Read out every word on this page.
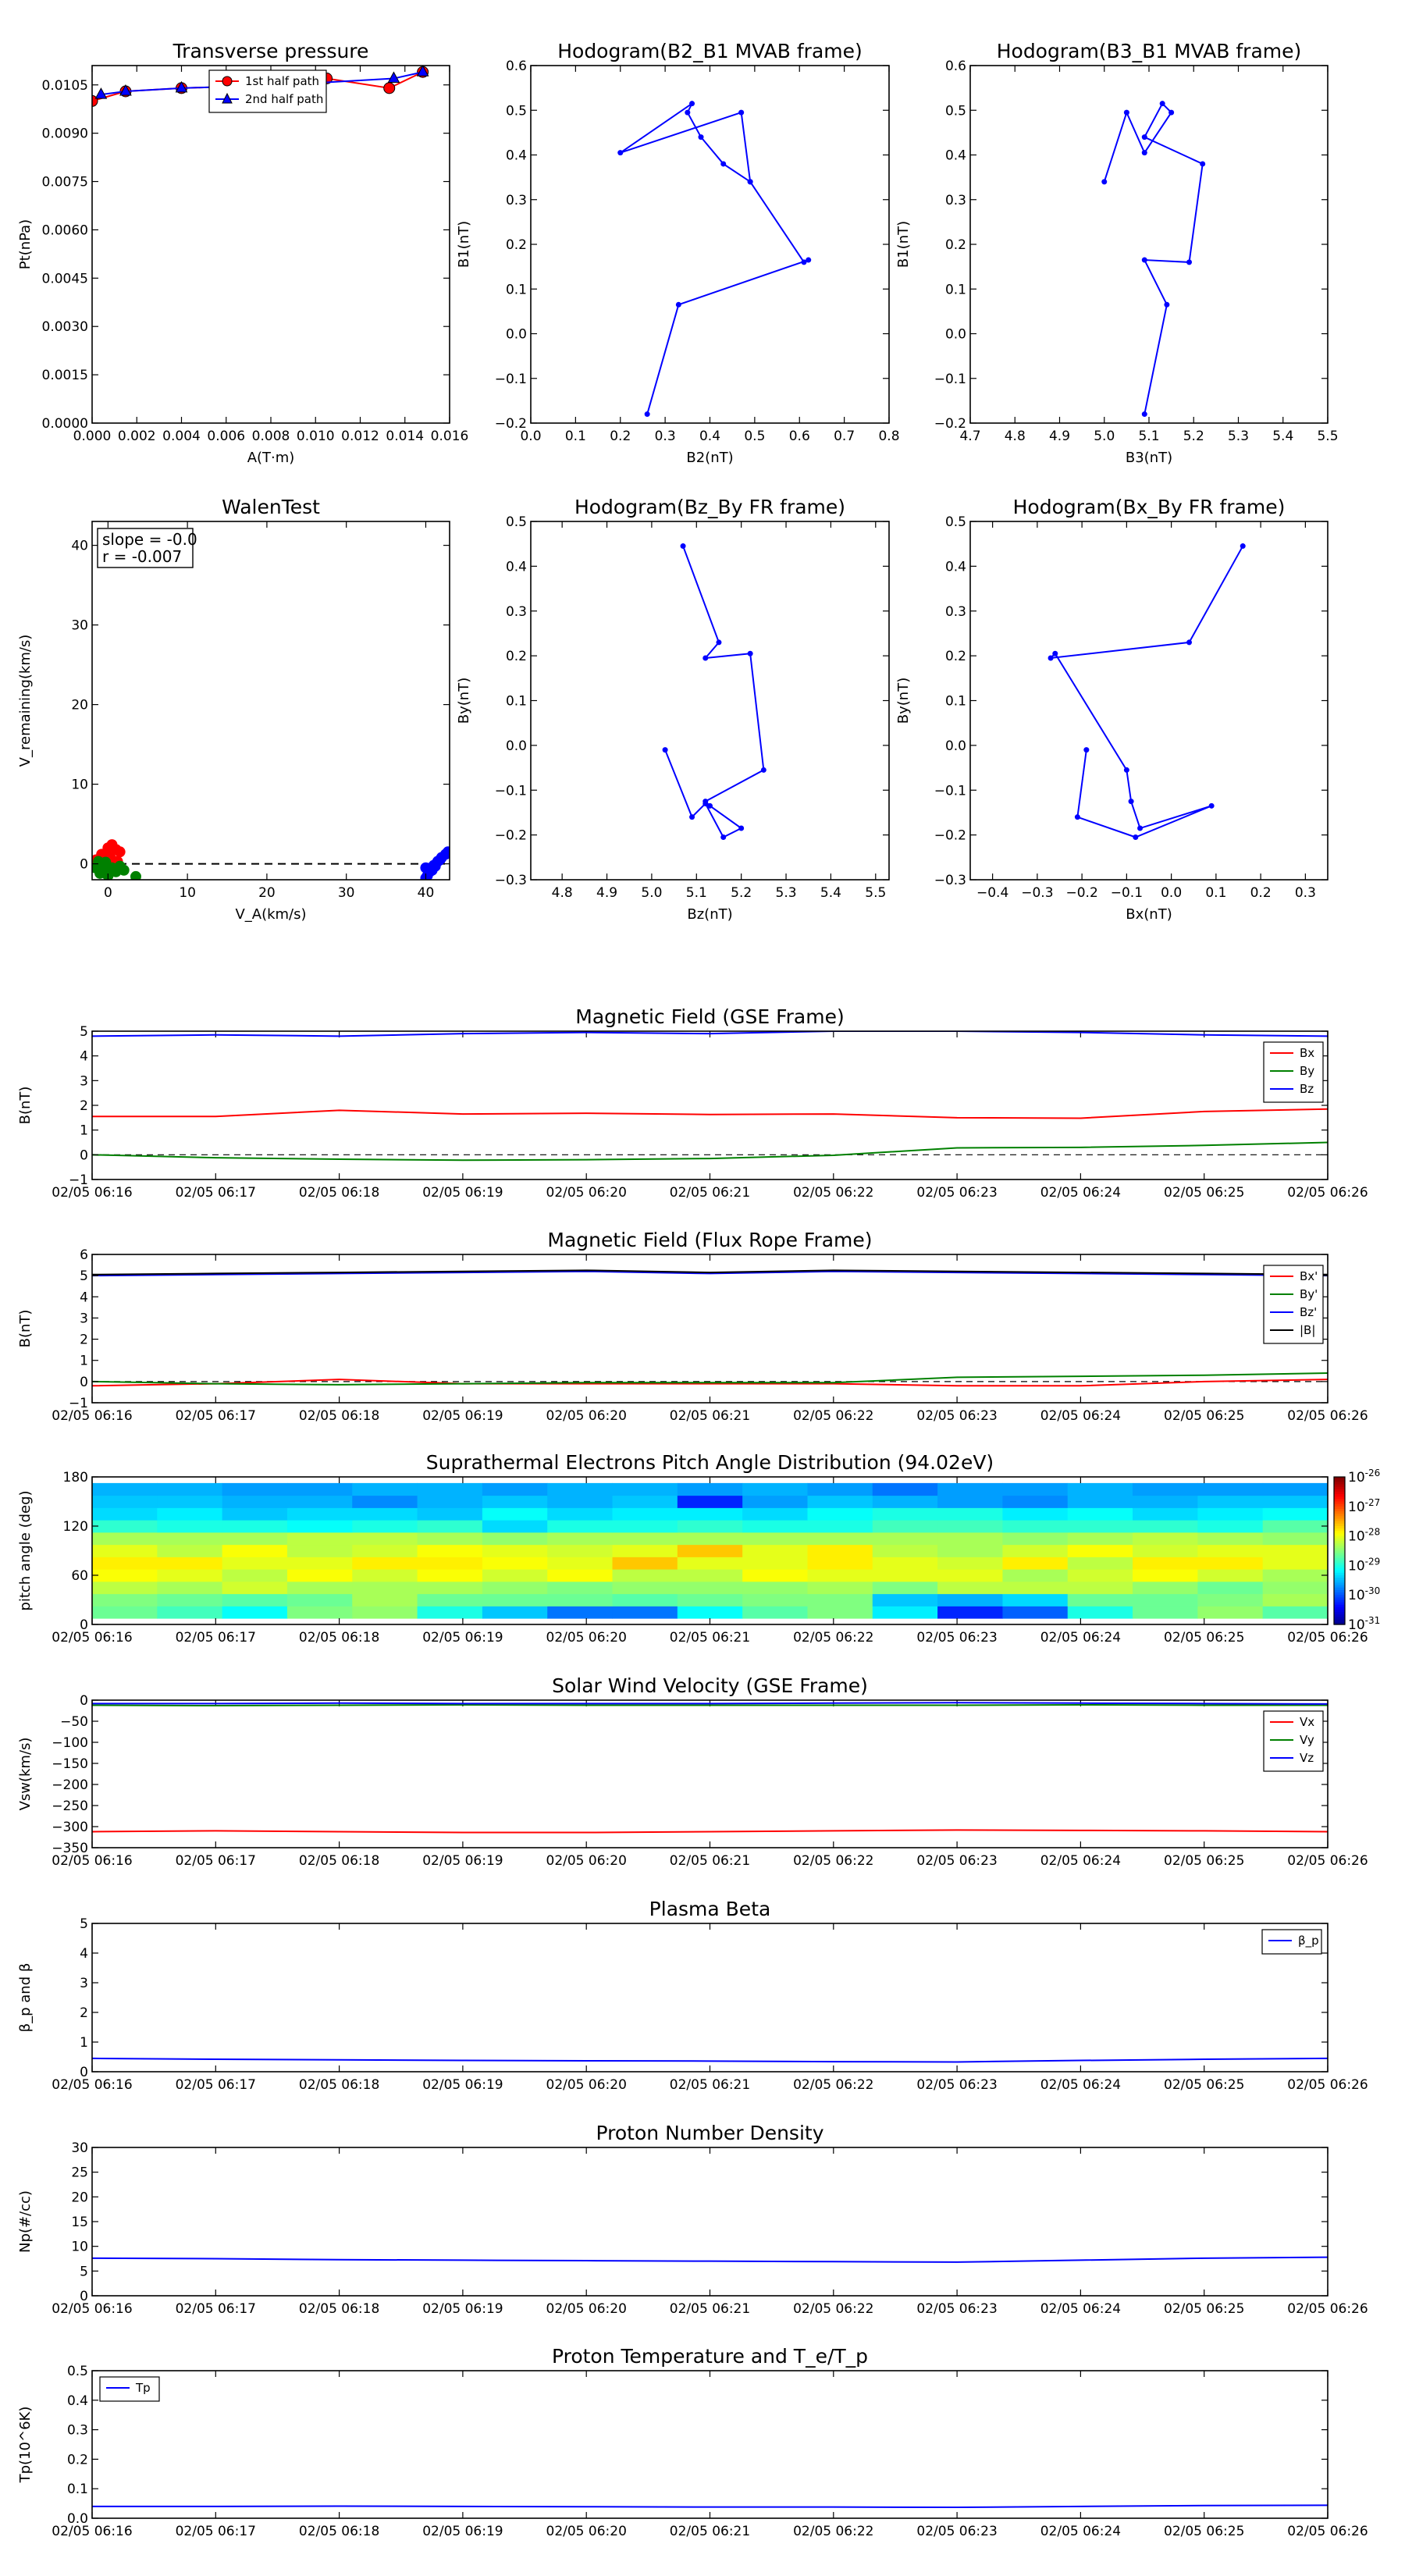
Transverse pressure
0.0000
0.0015
0.0030
0.0045
0.0060
0.0075
0.0090
0.0105
0.000 0.002 0.004 0.006 0.008 0.010 0.012 0.014 0.016
A(T·m)
Pt(nPa)
1st half path
2nd half path
Hodogram(B2_B1 MVAB frame)
−0.2
−0.1
0.0
0.1
0.2
0.3
0.4
0.5
0.6
0.0 0.1 0.2 0.3 0.4 0.5 0.6 0.7 0.8
B2(nT)
B1(nT)
Hodogram(B3_B1 MVAB frame)
−0.2
−0.1
0.0
0.1
0.2
0.3
0.4
0.5
0.6
4.7 4.8 4.9 5.0 5.1 5.2 5.3 5.4 5.5
B3(nT)
B1(nT)
WalenTest
0
10
20
30
40
0	10	20	30	40
V_A(km/s)
V_remaining(km/s)
slope = -0.0
r = -0.007
Hodogram(Bz_By FR frame)
−0.3
−0.2
−0.1
0.0
0.1
0.2
0.3
0.4
0.5
4.8 4.9 5.0 5.1 5.2 5.3 5.4 5.5
Bz(nT)
By(nT)
Hodogram(Bx_By FR frame)
−0.3
−0.2
−0.1
0.0
0.1
0.2
0.3
0.4
0.5
−0.4 −0.3 −0.2 −0.1 0.0 0.1 0.2 0.3
Bx(nT)
By(nT)
02/05 06:16	02/05 06:17	02/05 06:18	02/05 06:19	02/05 06:20	02/05 06:21	02/05 06:22	02/05 06:23	02/05 06:24	02/05 06:25	02/05 06:26
Magnetic Field (GSE Frame)
−1
0
1
2
3
4
5
B(nT)
Bx
By
Bz
02/05 06:16	02/05 06:17	02/05 06:18	02/05 06:19	02/05 06:20	02/05 06:21	02/05 06:22	02/05 06:23	02/05 06:24	02/05 06:25	02/05 06:26
Magnetic Field (Flux Rope Frame)
−1
0
1
2
3
4
5
6
B(nT)
Bx'
By'
Bz'
|B|
02/05 06:16	02/05 06:17	02/05 06:18	02/05 06:19	02/05 06:20	02/05 06:21	02/05 06:22	02/05 06:23	02/05 06:24	02/05 06:25	02/05 06:26
Suprathermal Electrons Pitch Angle Distribution (94.02eV)
0
60
120
180
pitch angle (deg)
$10^{-26}$
$10^{-27}$
$10^{-28}$
$10^{-29}$
$10^{-30}$
$10^{-31}$
02/05 06:16	02/05 06:17	02/05 06:18	02/05 06:19	02/05 06:20	02/05 06:21	02/05 06:22	02/05 06:23	02/05 06:24	02/05 06:25	02/05 06:26
Solar Wind Velocity (GSE Frame)
−350
−300
−250
−200
−150
−100
−50
0
Vsw(km/s)
Vx
Vy
Vz
02/05 06:16	02/05 06:17	02/05 06:18	02/05 06:19	02/05 06:20	02/05 06:21	02/05 06:22	02/05 06:23	02/05 06:24	02/05 06:25	02/05 06:26
Plasma Beta
0
1
2
3
4
5
β_p and β
β_p
02/05 06:16	02/05 06:17	02/05 06:18	02/05 06:19	02/05 06:20	02/05 06:21	02/05 06:22	02/05 06:23	02/05 06:24	02/05 06:25	02/05 06:26
Proton Number Density
0
5
10
15
20
25
30
Np(#/cc)
02/05 06:16	02/05 06:17	02/05 06:18	02/05 06:19	02/05 06:20	02/05 06:21	02/05 06:22	02/05 06:23	02/05 06:24	02/05 06:25	02/05 06:26
Proton Temperature and T_e/T_p
0.0
0.1
0.2
0.3
0.4
0.5
Tp(10^6K)
Tp
